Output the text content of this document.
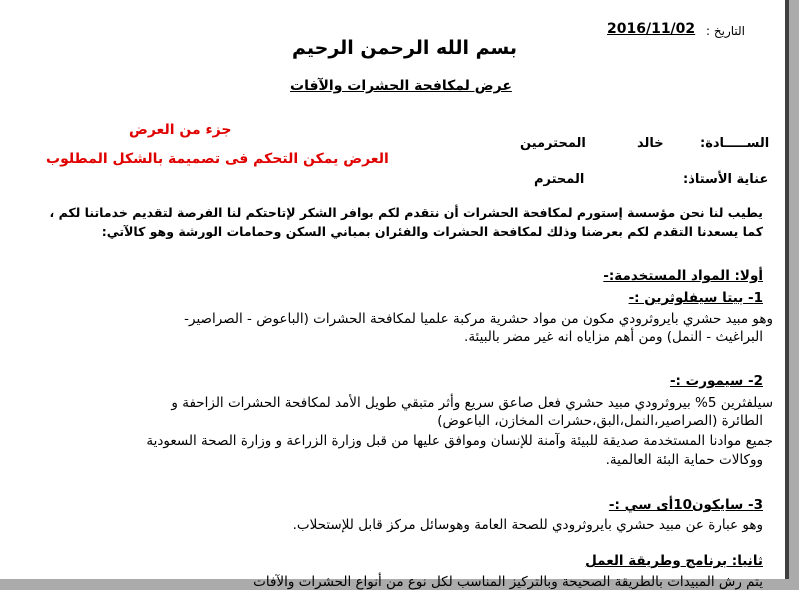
التاريخ :
2016/11/02
بسم الله الرحمن الرحيم
عرض لمكافحة الحشرات والآفات
جزء من العرض
العرض يمكن التحكم فى تصميمة بالشكل المطلوب
الســـــادة:
خالد
المحترمين
عناية الأستاذ:
المحترم
يطيب لنا نحن مؤسسة إستورم لمكافحة الحشرات أن نتقدم لكم بوافر الشكر لإتاحتكم لنا الفرصة لتقديم خدماتنا لكم ،
كما يسعدنا التقدم لكم بعرضنا وذلك لمكافحة الحشرات والفئران بمباني السكن وحمامات الورشة وهو كالآتي:
أولا: المواد المستخدمة:-
1- بيتا سيفلوثرين :-
وهو مبيد حشري بايروثرودي مكون من مواد حشرية مركبة علميا لمكافحة الحشرات (الباعوض - الصراصير-
البراغيث - النمل) ومن أهم مزاياه انه غير مضر بالبيئة.
2- سيمورت :-
سيلفثرين 5% بيروثرودي مبيد حشري فعل صاعق سريع وأثر متبقي طويل الأمد لمكافحة الحشرات الزاحفة و
الطائرة (الصراصير،النمل،البق،حشرات المخازن، الباعوض)
جميع موادنا المستخدمة صديقة للبيئة وآمنة للإنسان وموافق عليها من قبل وزارة الزراعة و وزارة الصحة السعودية
ووكالات حماية البئة العالمية.
3- سايكون10أى سي :-
وهو عبارة عن مبيد حشري بايروثرودي للصحة العامة وهوسائل مركز قابل للإستحلاب.
ثانيا: برنامج وطريقة العمل
يتم رش المبيدات بالطريقة الصحيحة وبالتركيز المناسب لكل نوع من أنواع الحشرات والآفات
